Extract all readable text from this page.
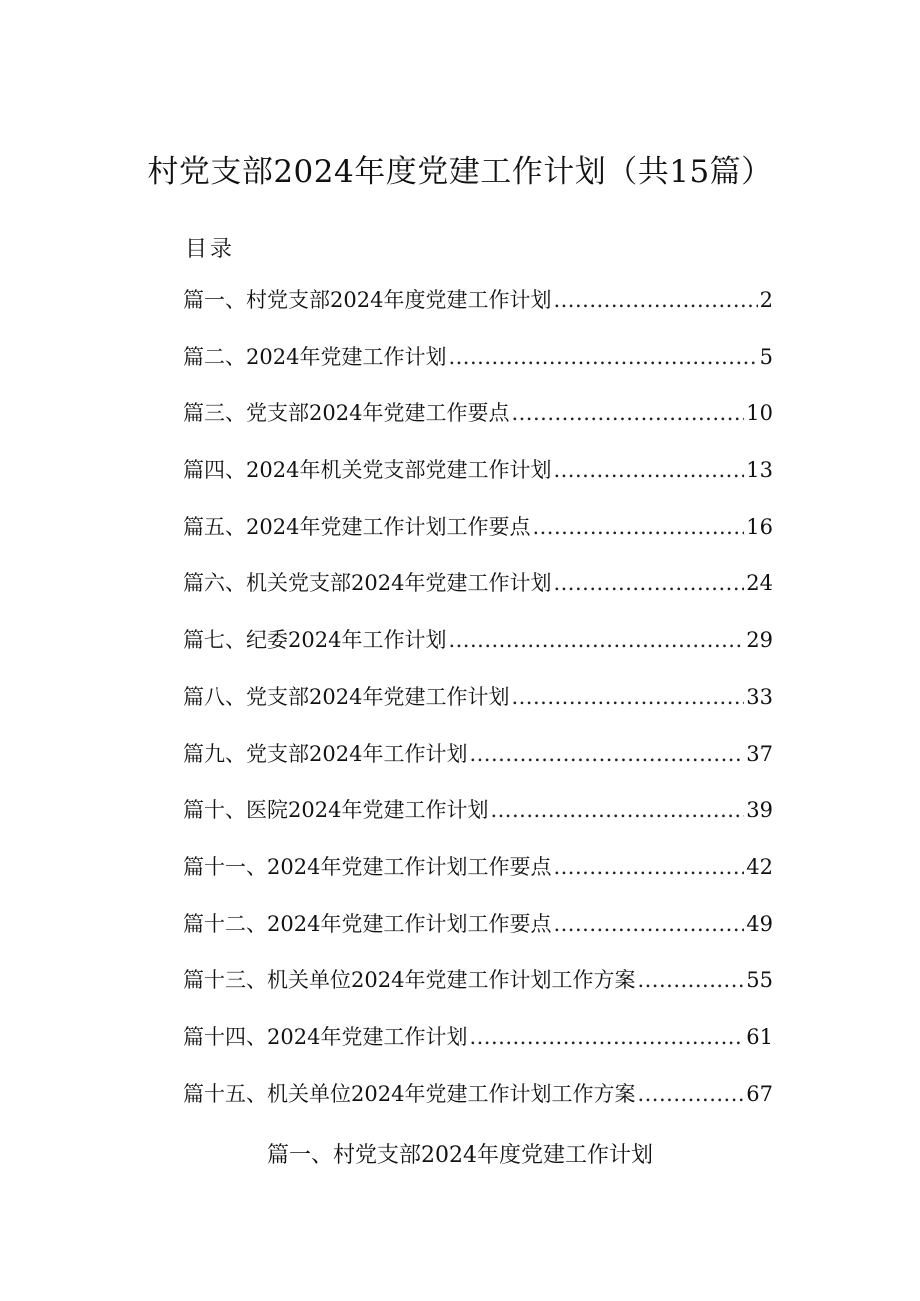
村党支部2024年度党建工作计划（共15篇）
目录
篇一、村党支部2024年度党建工作计划 .....	2
篇二、2024年党建工作计划 .....	5
篇三、党支部2024年党建工作要点 .....	10
篇四、2024年机关党支部党建工作计划 .....	13
篇五、2024年党建工作计划工作要点 .....	16
篇六、机关党支部2024年党建工作计划 .....	24
篇七、纪委2024年工作计划 .....	29
篇八、党支部2024年党建工作计划 .....	33
篇九、党支部2024年工作计划 .....	37
篇十、医院2024年党建工作计划 .....	39
篇十一、2024年党建工作计划工作要点 .....	42
篇十二、2024年党建工作计划工作要点 .....	49
篇十三、机关单位2024年党建工作计划工作方案 .....	55
篇十四、2024年党建工作计划 .....	61
篇十五、机关单位2024年党建工作计划工作方案 .....	67
篇一、村党支部2024年度党建工作计划
